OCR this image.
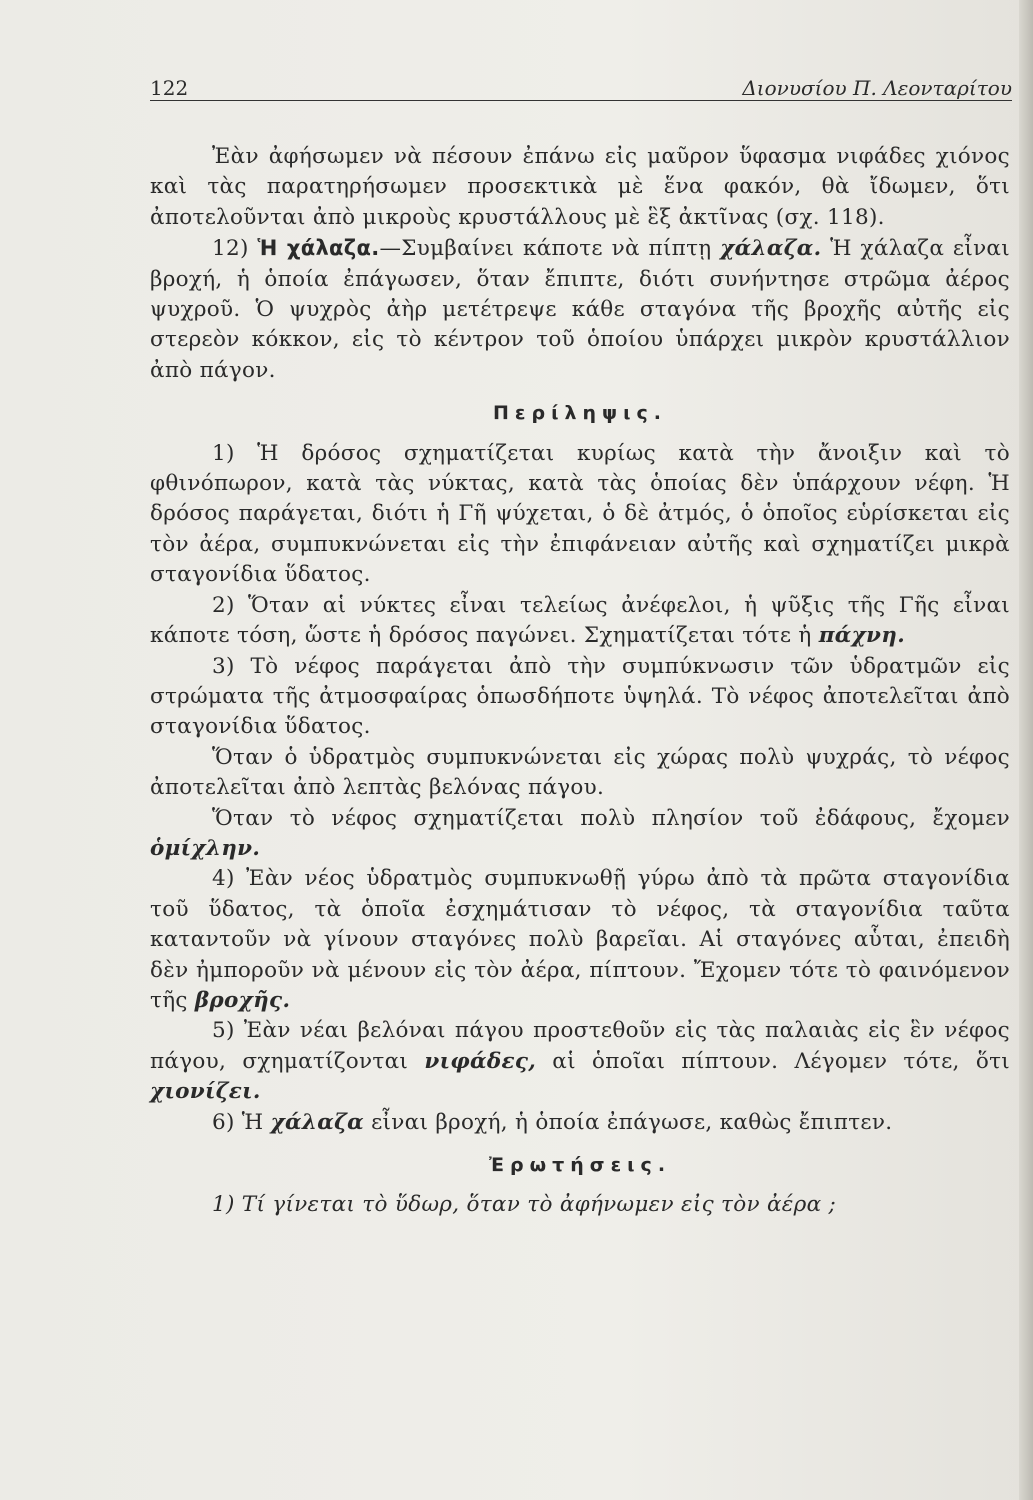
122	Διονυσίου Π. Λεονταρίτου

Ἐὰν ἀφήσωμεν νὰ πέσουν ἐπάνω εἰς μαῦρον ὕφασμα νιφάδες χιόνος καὶ τὰς παρατηρήσωμεν προσεκτικὰ μὲ ἕνα φακόν, θὰ ἴδωμεν, ὅτι ἀποτελοῦνται ἀπὸ μικροὺς κρυστάλλους μὲ ἓξ ἀκτῖνας (σχ. 118).

12) Ἡ χάλαζα.—Συμβαίνει κάποτε νὰ πίπτῃ χάλαζα. Ἡ χάλαζα εἶναι βροχή, ἡ ὁποία ἐπάγωσεν, ὅταν ἔπιπτε, διότι συνήντησε στρῶμα ἀέρος ψυχροῦ. Ὁ ψυχρὸς ἀὴρ μετέτρεψε κάθε σταγόνα τῆς βροχῆς αὐτῆς εἰς στερεὸν κόκκον, εἰς τὸ κέντρον τοῦ ὁποίου ὑπάρχει μικρὸν κρυστάλλιον ἀπὸ πάγον.

Περίληψις.

1) Ἡ δρόσος σχηματίζεται κυρίως κατὰ τὴν ἄνοιξιν καὶ τὸ φθινόπωρον, κατὰ τὰς νύκτας, κατὰ τὰς ὁποίας δὲν ὑπάρχουν νέφη. Ἡ δρόσος παράγεται, διότι ἡ Γῆ ψύχεται, ὁ δὲ ἀτμός, ὁ ὁποῖος εὑρίσκεται εἰς τὸν ἀέρα, συμπυκνώνεται εἰς τὴν ἐπιφάνειαν αὐτῆς καὶ σχηματίζει μικρὰ σταγονίδια ὕδατος.

2) Ὅταν αἱ νύκτες εἶναι τελείως ἀνέφελοι, ἡ ψῦξις τῆς Γῆς εἶναι κάποτε τόση, ὥστε ἡ δρόσος παγώνει. Σχηματίζεται τότε ἡ πάχνη.

3) Τὸ νέφος παράγεται ἀπὸ τὴν συμπύκνωσιν τῶν ὑδρατμῶν εἰς στρώματα τῆς ἀτμοσφαίρας ὁπωσδήποτε ὑψηλά. Τὸ νέφος ἀποτελεῖται ἀπὸ σταγονίδια ὕδατος.

Ὅταν ὁ ὑδρατμὸς συμπυκνώνεται εἰς χώρας πολὺ ψυχράς, τὸ νέφος ἀποτελεῖται ἀπὸ λεπτὰς βελόνας πάγου.

Ὅταν τὸ νέφος σχηματίζεται πολὺ πλησίον τοῦ ἐδάφους, ἔχομεν ὁμίχλην.

4) Ἐὰν νέος ὑδρατμὸς συμπυκνωθῇ γύρω ἀπὸ τὰ πρῶτα σταγονίδια τοῦ ὕδατος, τὰ ὁποῖα ἐσχημάτισαν τὸ νέφος, τὰ σταγονίδια ταῦτα καταντοῦν νὰ γίνουν σταγόνες πολὺ βαρεῖαι. Αἱ σταγόνες αὗται, ἐπειδὴ δὲν ἠμποροῦν νὰ μένουν εἰς τὸν ἀέρα, πίπτουν. Ἔχομεν τότε τὸ φαινόμενον τῆς βροχῆς.

5) Ἐὰν νέαι βελόναι πάγου προστεθοῦν εἰς τὰς παλαιὰς εἰς ἓν νέφος πάγου, σχηματίζονται νιφάδες, αἱ ὁποῖαι πίπτουν. Λέγομεν τότε, ὅτι χιονίζει.

6) Ἡ χάλαζα εἶναι βροχή, ἡ ὁποία ἐπάγωσε, καθὼς ἔπιπτεν.

Ἐρωτήσεις.

1) Τί γίνεται τὸ ὕδωρ, ὅταν τὸ ἀφήνωμεν εἰς τὸν ἀέρα ;
